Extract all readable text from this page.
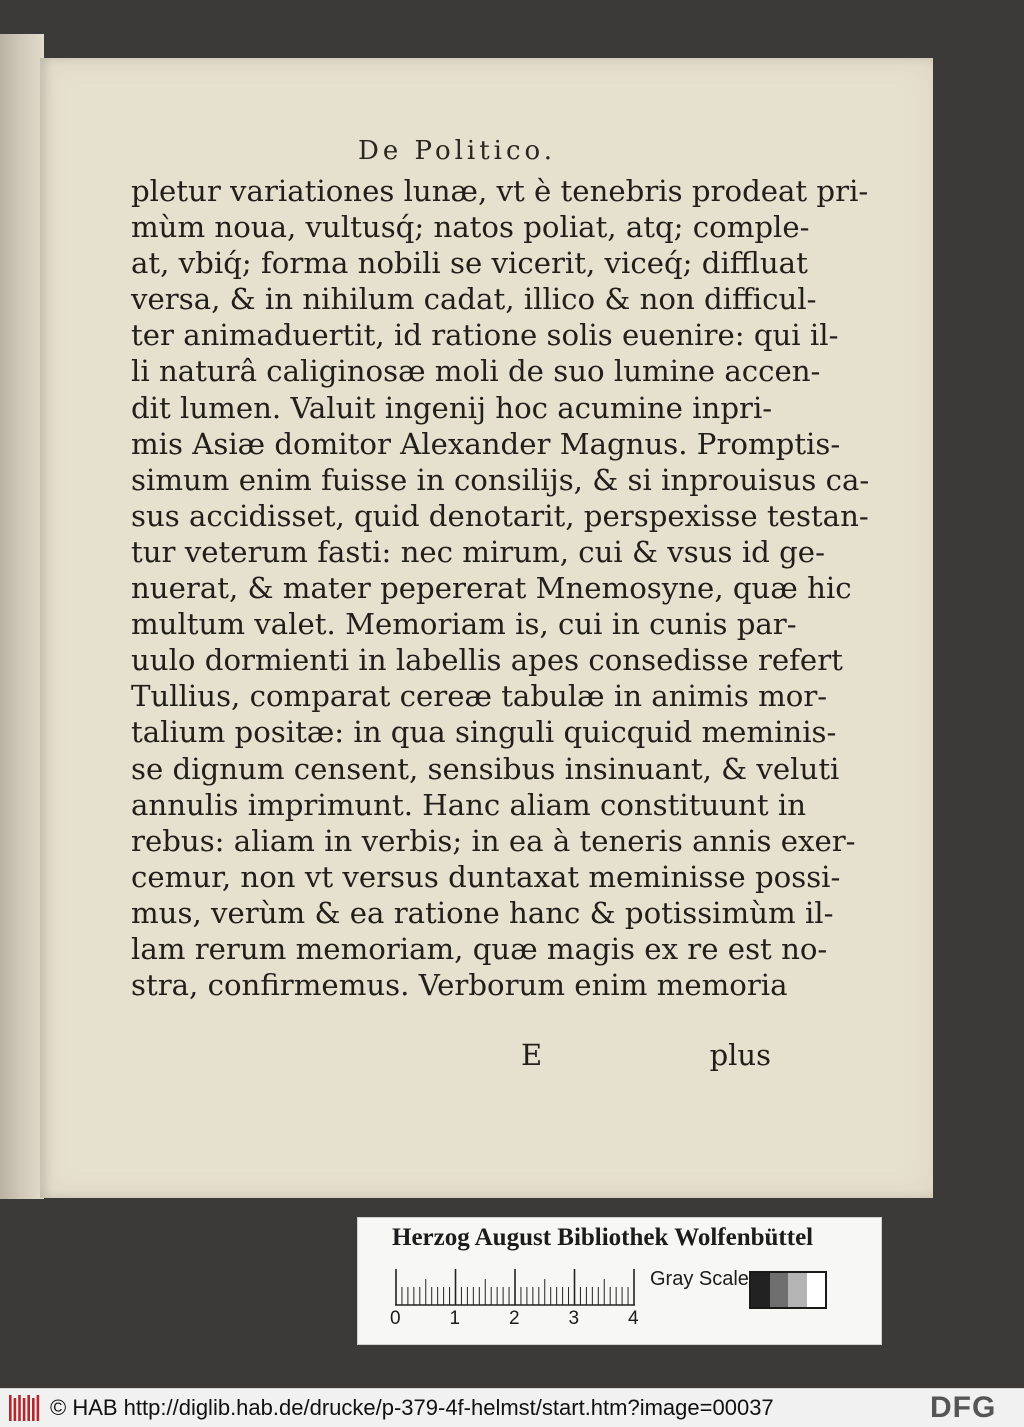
De Politico.
pletur variationes lunæ, vt è tenebris prodeat pri-
mùm noua, vultusq́; natos poliat, atq; comple-
at, vbiq́; forma nobili se vicerit, viceq́; diffluat
versa, & in nihilum cadat, illico & non difficul-
ter animaduertit, id ratione solis euenire: qui il-
li naturâ caliginosæ moli de suo lumine accen-
dit lumen. Valuit ingenij hoc acumine inpri-
mis Asiæ domitor Alexander Magnus. Promptis-
simum enim fuisse in consilijs, & si inprouisus ca-
sus accidisset, quid denotarit, perspexisse testan-
tur veterum fasti: nec mirum, cui & vsus id ge-
nuerat, & mater pepererat Mnemosyne, quæ hic
multum valet. Memoriam is, cui in cunis par-
uulo dormienti in labellis apes consedisse refert
Tullius, comparat cereæ tabulæ in animis mor-
talium positæ: in qua singuli quicquid meminis-
se dignum censent, sensibus insinuant, & veluti
annulis imprimunt. Hanc aliam constituunt in
rebus: aliam in verbis; in ea à teneris annis exer-
cemur, non vt versus duntaxat meminisse possi-
mus, verùm & ea ratione hanc & potissimùm il-
lam rerum memoriam, quæ magis ex re est no-
stra, confirmemus. Verborum enim memoria
E	plus
Herzog August Bibliothek Wolfenbüttel
0	1	2	3	4
Gray Scale
© HAB http://diglib.hab.de/drucke/p-379-4f-helmst/start.htm?image=00037	DFG
